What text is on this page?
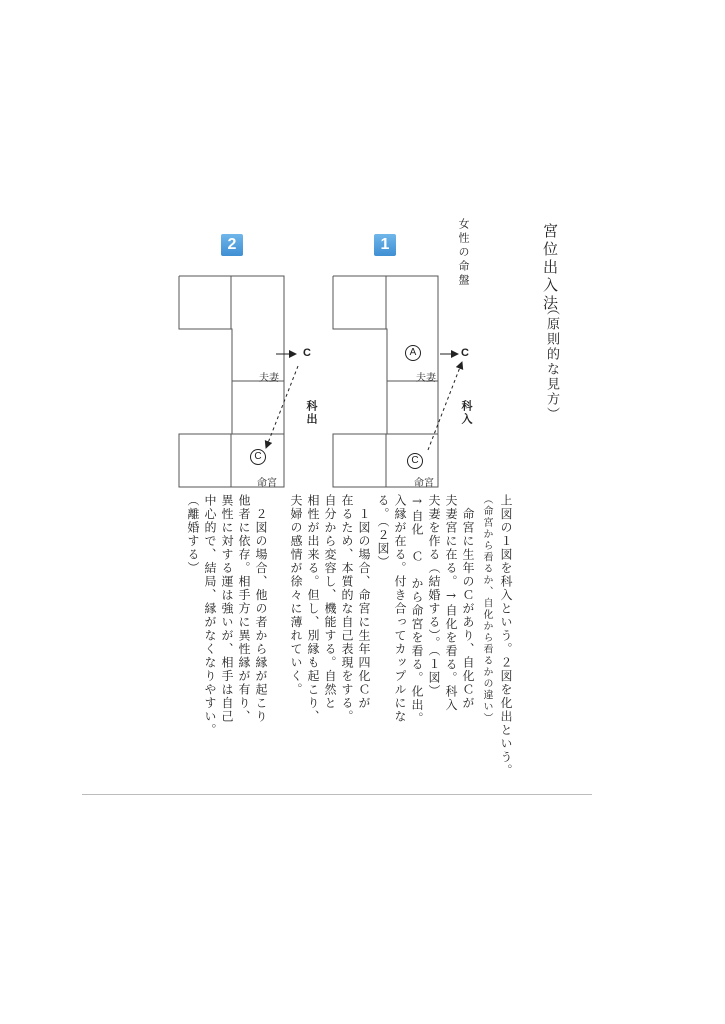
宮位出入法
（原則的な見方）
女性の命盤
1
2
A	C
夫妻
C
命宮
科入
C
夫妻
C
命宮
科出
上図の１図を科入という。２図を化出という。
（命宮から看るか、自化から看るかの違い）
　命宮に生年のＣがあり、自化Ｃが
夫妻宮に在る。→自化を看る。科入
夫妻を作る（結婚する）。（１図）
→自化　Ｃ　から命宮を看る。化出。
入縁が在る。付き合ってカップルにな
る。（２図）
　１図の場合、命宮に生年四化Ｃが
在るため、本質的な自己表現をする。
自分から変容し、機能する。自然と
相性が出来る。但し、別縁も起こり、
夫婦の感情が徐々に薄れていく。
　２図の場合、他の者から縁が起こり
他者に依存。相手方に異性縁が有り、
異性に対する運は強いが、相手は自己
中心的で、結局、縁がなくなりやすい。
（離婚する）
